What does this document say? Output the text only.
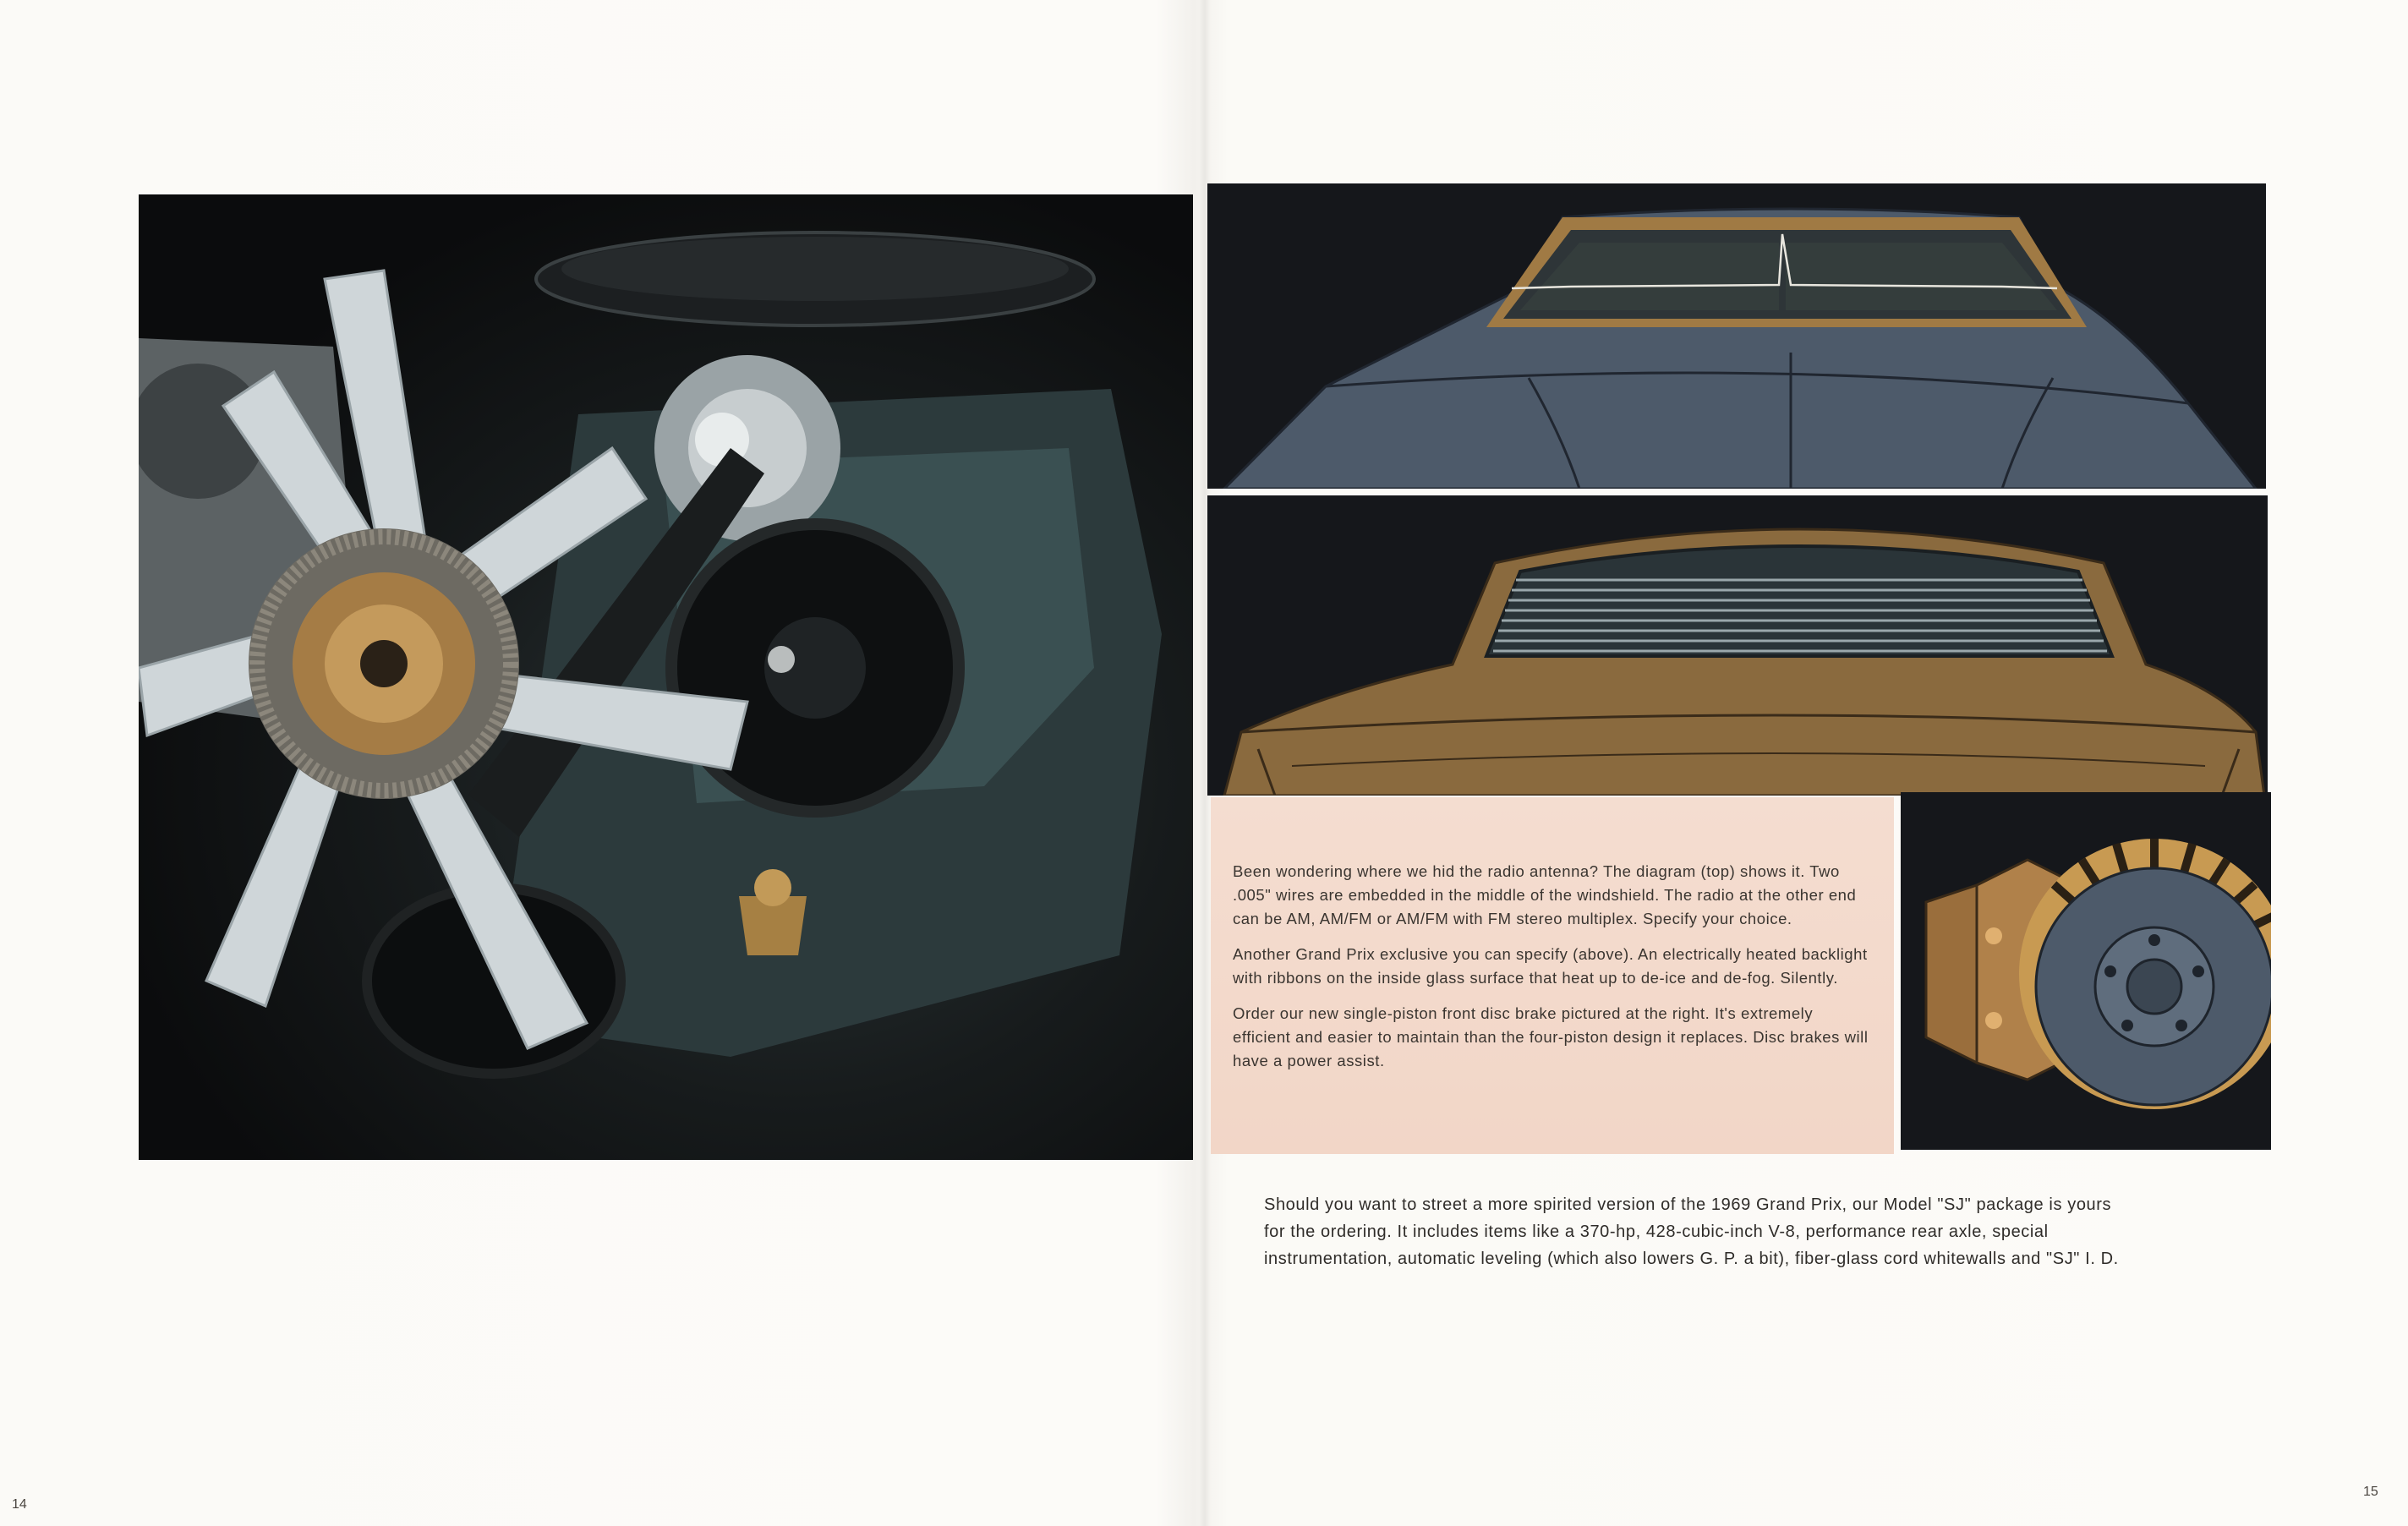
Been wondering where we hid the radio antenna? The diagram (top) shows it. Two .005" wires are embedded in the middle of the windshield. The radio at the other end can be AM, AM/FM or AM/FM with FM stereo multiplex. Specify your choice.

Another Grand Prix exclusive you can specify (above). An electrically heated backlight with ribbons on the inside glass surface that heat up to de-ice and de-fog. Silently.

Order our new single-piston front disc brake pictured at the right. It's extremely efficient and easier to maintain than the four-piston design it replaces. Disc brakes will have a power assist.

Should you want to street a more spirited version of the 1969 Grand Prix, our Model "SJ" package is yours for the ordering. It includes items like a 370-hp, 428-cubic-inch V-8, performance rear axle, special instrumentation, automatic leveling (which also lowers G. P. a bit), fiber-glass cord whitewalls and "SJ" I. D.

14
15
